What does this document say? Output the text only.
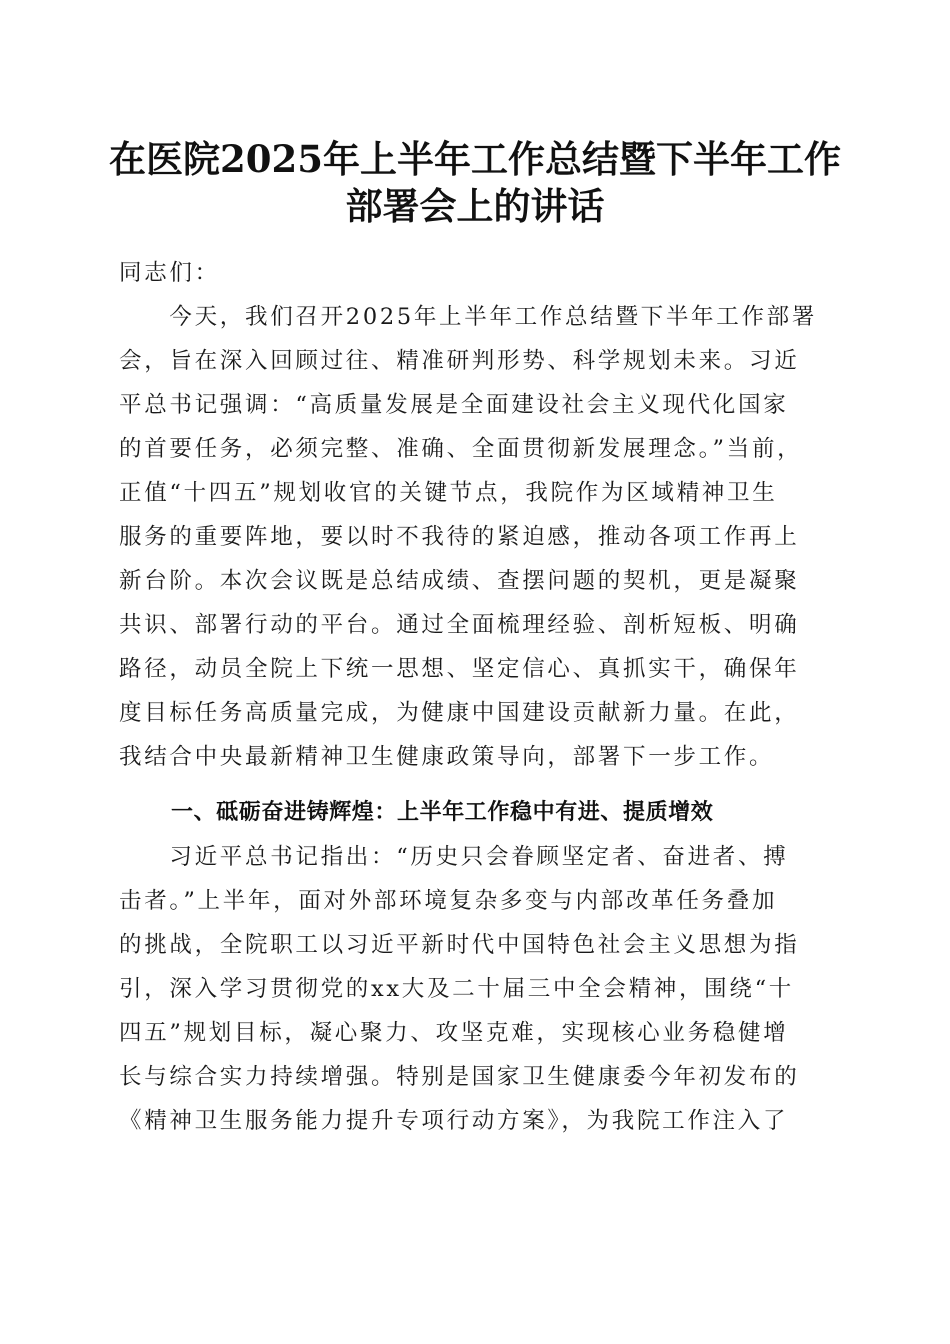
在医院2025年上半年工作总结暨下半年工作
部署会上的讲话
同志们：
　　今天，我们召开2025年上半年工作总结暨下半年工作部署
会，旨在深入回顾过往、精准研判形势、科学规划未来。习近
平总书记强调：“高质量发展是全面建设社会主义现代化国家
的首要任务，必须完整、准确、全面贯彻新发展理念。”当前，
正值“十四五”规划收官的关键节点，我院作为区域精神卫生
服务的重要阵地，要以时不我待的紧迫感，推动各项工作再上
新台阶。本次会议既是总结成绩、查摆问题的契机，更是凝聚
共识、部署行动的平台。通过全面梳理经验、剖析短板、明确
路径，动员全院上下统一思想、坚定信心、真抓实干，确保年
度目标任务高质量完成，为健康中国建设贡献新力量。在此，
我结合中央最新精神卫生健康政策导向，部署下一步工作。
一、砥砺奋进铸辉煌：上半年工作稳中有进、提质增效
　　习近平总书记指出：“历史只会眷顾坚定者、奋进者、搏
击者。”上半年，面对外部环境复杂多变与内部改革任务叠加
的挑战，全院职工以习近平新时代中国特色社会主义思想为指
引，深入学习贯彻党的xx大及二十届三中全会精神，围绕“十
四五”规划目标，凝心聚力、攻坚克难，实现核心业务稳健增
长与综合实力持续增强。特别是国家卫生健康委今年初发布的
《精神卫生服务能力提升专项行动方案》，为我院工作注入了
